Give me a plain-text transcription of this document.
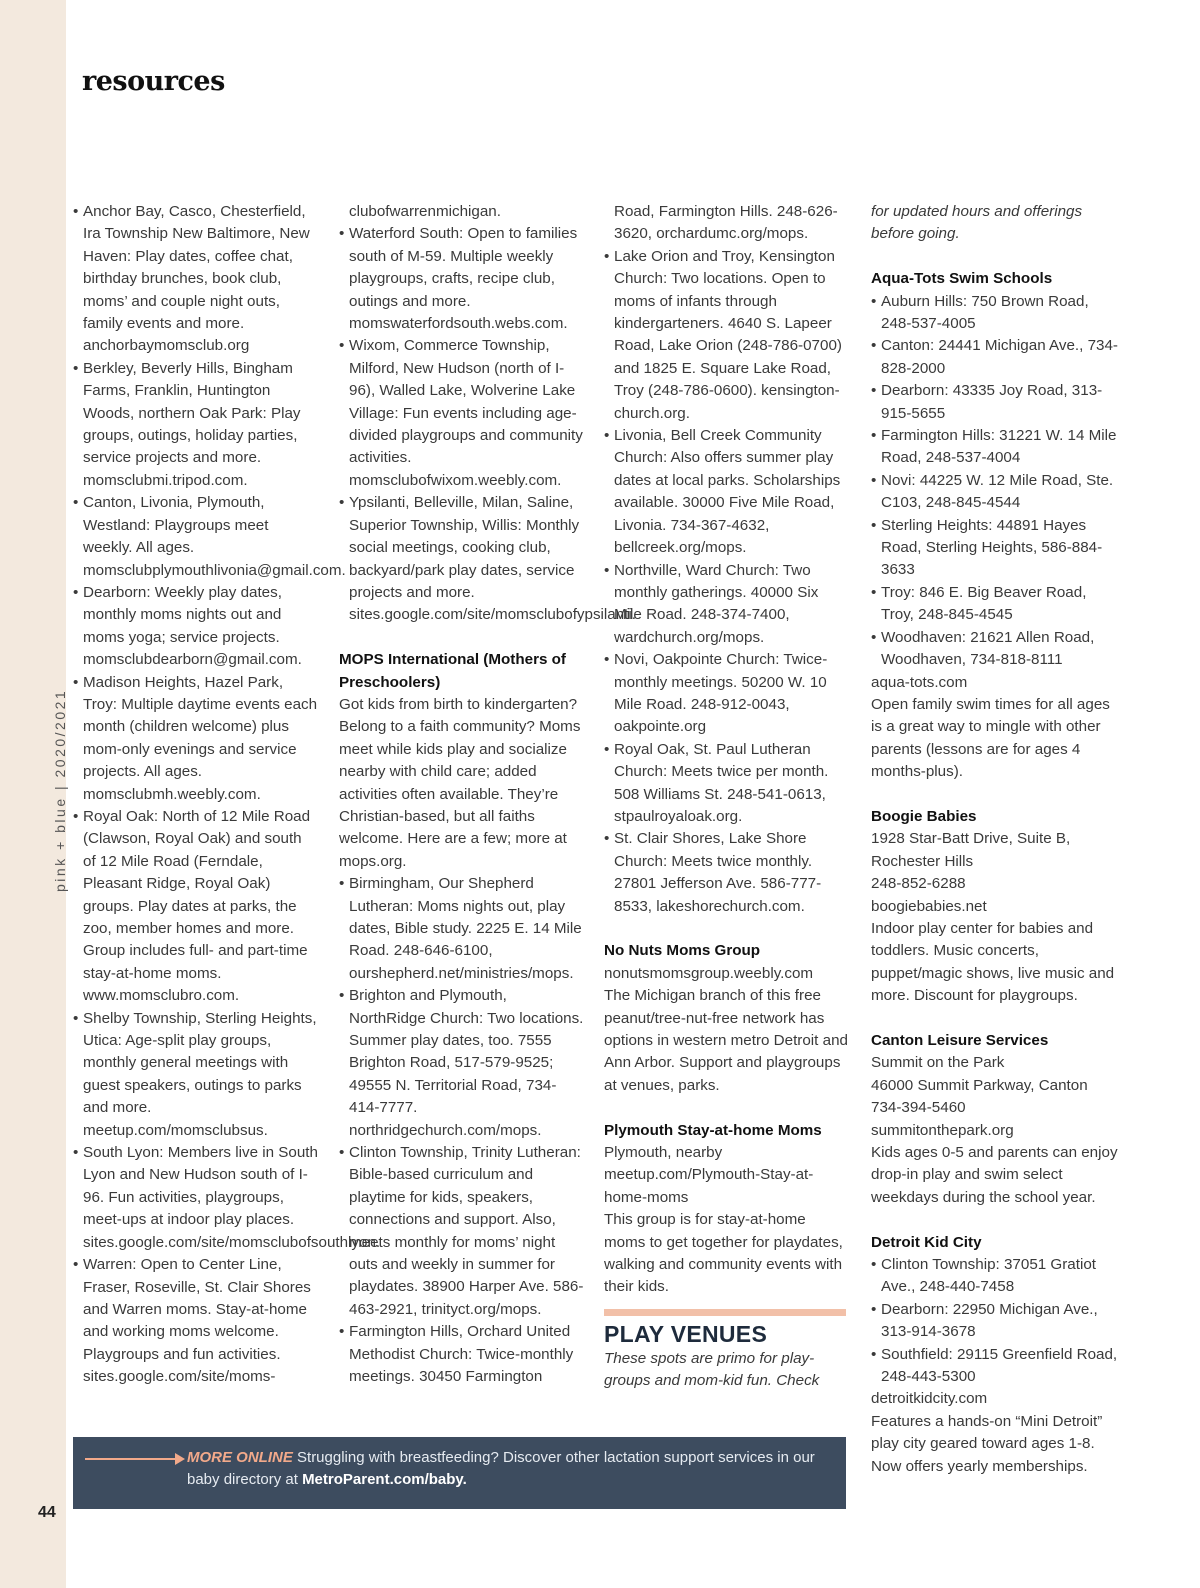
pink + blue | 2020/2021
44
resources

• Anchor Bay, Casco, Chesterfield, Ira Township New Baltimore, New Haven: Play dates, coffee chat, birthday brunches, book club, moms’ and couple night outs, family events and more. anchorbaymomsclub.org

• Berkley, Beverly Hills, Bingham Farms, Franklin, Huntington Woods, northern Oak Park: Play groups, outings, holiday parties, service projects and more. momsclubmi.tripod.com.

• Canton, Livonia, Plymouth, Westland: Playgroups meet weekly. All ages. momsclubplymouthlivonia@gmail.com.

• Dearborn: Weekly play dates, monthly moms nights out and moms yoga; service projects. momsclubdearborn@gmail.com.

• Madison Heights, Hazel Park, Troy: Multiple daytime events each month (children welcome) plus mom-only evenings and service projects. All ages. momsclubmh.weebly.com.

• Royal Oak: North of 12 Mile Road (Clawson, Royal Oak) and south of 12 Mile Road (Ferndale, Pleasant Ridge, Royal Oak) groups. Play dates at parks, the zoo, member homes and more. Group includes full- and part-time stay-at-home moms. www.momsclubro.com.

• Shelby Township, Sterling Heights, Utica: Age-split play groups, monthly general meetings with guest speakers, outings to parks and more. meetup.com/momsclubsus.

• South Lyon: Members live in South Lyon and New Hudson south of I-96. Fun activities, playgroups, meet-ups at indoor play places. sites.google.com/site/momsclubofsouthlyon.

• Warren: Open to Center Line, Fraser, Roseville, St. Clair Shores and Warren moms. Stay-at-home and working moms welcome. Playgroups and fun activities. sites.google.com/site/moms-

clubofwarrenmichigan.

• Waterford South: Open to families south of M-59. Multiple weekly playgroups, crafts, recipe club, outings and more. momswaterfordsouth.webs.com.

• Wixom, Commerce Township, Milford, New Hudson (north of I-96), Walled Lake, Wolverine Lake Village: Fun events including age-divided playgroups and community activities. momsclubofwixom.weebly.com.

• Ypsilanti, Belleville, Milan, Saline, Superior Township, Willis: Monthly social meetings, cooking club, backyard/park play dates, service projects and more. sites.google.com/site/momsclubofypsilanti.

MOPS International (Mothers of Preschoolers)

Got kids from birth to kindergarten? Belong to a faith community? Moms meet while kids play and socialize nearby with child care; added activities often available. They’re Christian-based, but all faiths welcome. Here are a few; more at mops.org.

• Birmingham, Our Shepherd Lutheran: Moms nights out, play dates, Bible study. 2225 E. 14 Mile Road. 248-646-6100, ourshepherd.net/ministries/mops.

• Brighton and Plymouth, NorthRidge Church: Two locations. Summer play dates, too. 7555 Brighton Road, 517-579-9525; 49555 N. Territorial Road, 734-414-7777. northridgechurch.com/mops.

• Clinton Township, Trinity Lutheran: Bible-based curriculum and playtime for kids, speakers, connections and support. Also, meets monthly for moms’ night outs and weekly in summer for playdates. 38900 Harper Ave. 586-463-2921, trinityct.org/mops.

• Farmington Hills, Orchard United Methodist Church: Twice-monthly meetings. 30450 Farmington

Road, Farmington Hills. 248-626-3620, orchardumc.org/mops.

• Lake Orion and Troy, Kensington Church: Two locations. Open to moms of infants through kindergarteners. 4640 S. Lapeer Road, Lake Orion (248-786-0700) and 1825 E. Square Lake Road, Troy (248-786-0600). kensington-church.org.

• Livonia, Bell Creek Community Church: Also offers summer play dates at local parks. Scholarships available. 30000 Five Mile Road, Livonia. 734-367-4632, bellcreek.org/mops.

• Northville, Ward Church: Two monthly gatherings. 40000 Six Mile Road. 248-374-7400, wardchurch.org/mops.

• Novi, Oakpointe Church: Twice-monthly meetings. 50200 W. 10 Mile Road. 248-912-0043, oakpointe.org

• Royal Oak, St. Paul Lutheran Church: Meets twice per month. 508 Williams St. 248-541-0613, stpaulroyaloak.org.

• St. Clair Shores, Lake Shore Church: Meets twice monthly. 27801 Jefferson Ave. 586-777-8533, lakeshorechurch.com.

No Nuts Moms Group

nonutsmomsgroup.weebly.com

The Michigan branch of this free peanut/tree-nut-free network has options in western metro Detroit and Ann Arbor. Support and playgroups at venues, parks.

Plymouth Stay-at-home Moms

Plymouth, nearby

meetup.com/Plymouth-Stay-at-home-moms

This group is for stay-at-home moms to get together for playdates, walking and community events with their kids.

PLAY VENUES

These spots are primo for play-groups and mom-kid fun. Check

for updated hours and offerings before going.

Aqua-Tots Swim Schools

• Auburn Hills: 750 Brown Road, 248-537-4005

• Canton: 24441 Michigan Ave., 734-828-2000

• Dearborn: 43335 Joy Road, 313-915-5655

• Farmington Hills: 31221 W. 14 Mile Road, 248-537-4004

• Novi: 44225 W. 12 Mile Road, Ste. C103, 248-845-4544

• Sterling Heights: 44891 Hayes Road, Sterling Heights, 586-884-3633

• Troy: 846 E. Big Beaver Road, Troy, 248-845-4545

• Woodhaven: 21621 Allen Road, Woodhaven, 734-818-8111

aqua-tots.com

Open family swim times for all ages is a great way to mingle with other parents (lessons are for ages 4 months-plus).

Boogie Babies

1928 Star-Batt Drive, Suite B,

Rochester Hills

248-852-6288

boogiebabies.net

Indoor play center for babies and toddlers. Music concerts, puppet/magic shows, live music and more. Discount for playgroups.

Canton Leisure Services

Summit on the Park

46000 Summit Parkway, Canton

734-394-5460

summitonthepark.org

Kids ages 0-5 and parents can enjoy drop-in play and swim select weekdays during the school year.

Detroit Kid City

• Clinton Township: 37051 Gratiot Ave., 248-440-7458

• Dearborn: 22950 Michigan Ave., 313-914-3678

• Southfield: 29115 Greenfield Road, 248-443-5300

detroitkidcity.com

Features a hands-on “Mini Detroit” play city geared toward ages 1-8. Now offers yearly memberships.

MORE ONLINE Struggling with breastfeeding? Discover other lactation support services in our baby directory at MetroParent.com/baby.
